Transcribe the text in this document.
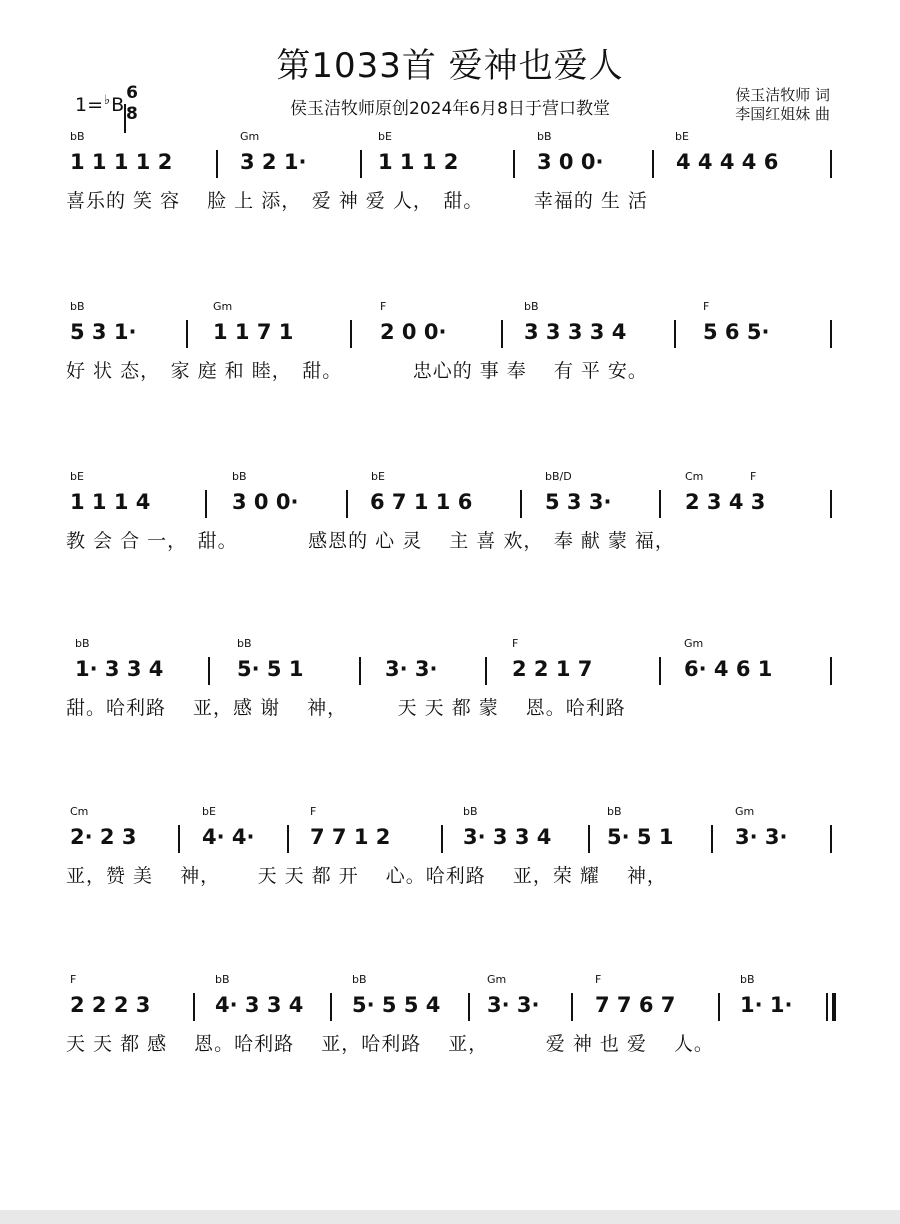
第1033首 爱神也爱人
1=♭B
6
8	侯玉洁牧师原创2024年6月8日于营口教堂
侯玉洁牧师 词
李国红姐妹 曲
bB	Gm	bE	bB	bE
1 1 1 1 2	3 2 1·	1 1 1 2	3 0 0·	4 4 4 4 6
喜乐的 笑 容　 脸 上 添，　爱 神 爱 人，　甜。　　　幸福的 生 活
bB	Gm	F	bB	F
5 3 1·	1 1 7 1	2 0 0·	3 3 3 3 4	5 6 5·
好 状 态，　家 庭 和 睦，　甜。　　　　忠心的 事 奉　 有 平 安。
bE	bB	bE	bB/D	Cm	F
1 1 1 4	3 0 0·	6 7 1 1 6	5 3 3·	2 3 4 3
教 会 合 一，　甜。　　　　感恩的 心 灵　 主 喜 欢，　奉 献 蒙 福，
bB	bB	F	Gm
1· 3 3 4	5· 5 1	3· 3·	2 2 1 7	6· 4 6 1
甜。哈利路　 亚，感 谢　 神，　　　天 天 都 蒙　 恩。哈利路
Cm	bE	F	bB	bB	Gm
2· 2 3	4· 4·	7 7 1 2	3· 3 3 4	5· 5 1	3· 3·
亚，赞 美　 神，　　 天 天 都 开　 心。哈利路　 亚，荣 耀　 神，
F	bB	bB	Gm	F	bB
2 2 2 3	4· 3 3 4 5· 5 5 4 3· 3·	7 7 6 7	1· 1·
天 天 都 感　 恩。哈利路　 亚，哈利路　 亚，　　　 爱 神 也 爱　 人。
